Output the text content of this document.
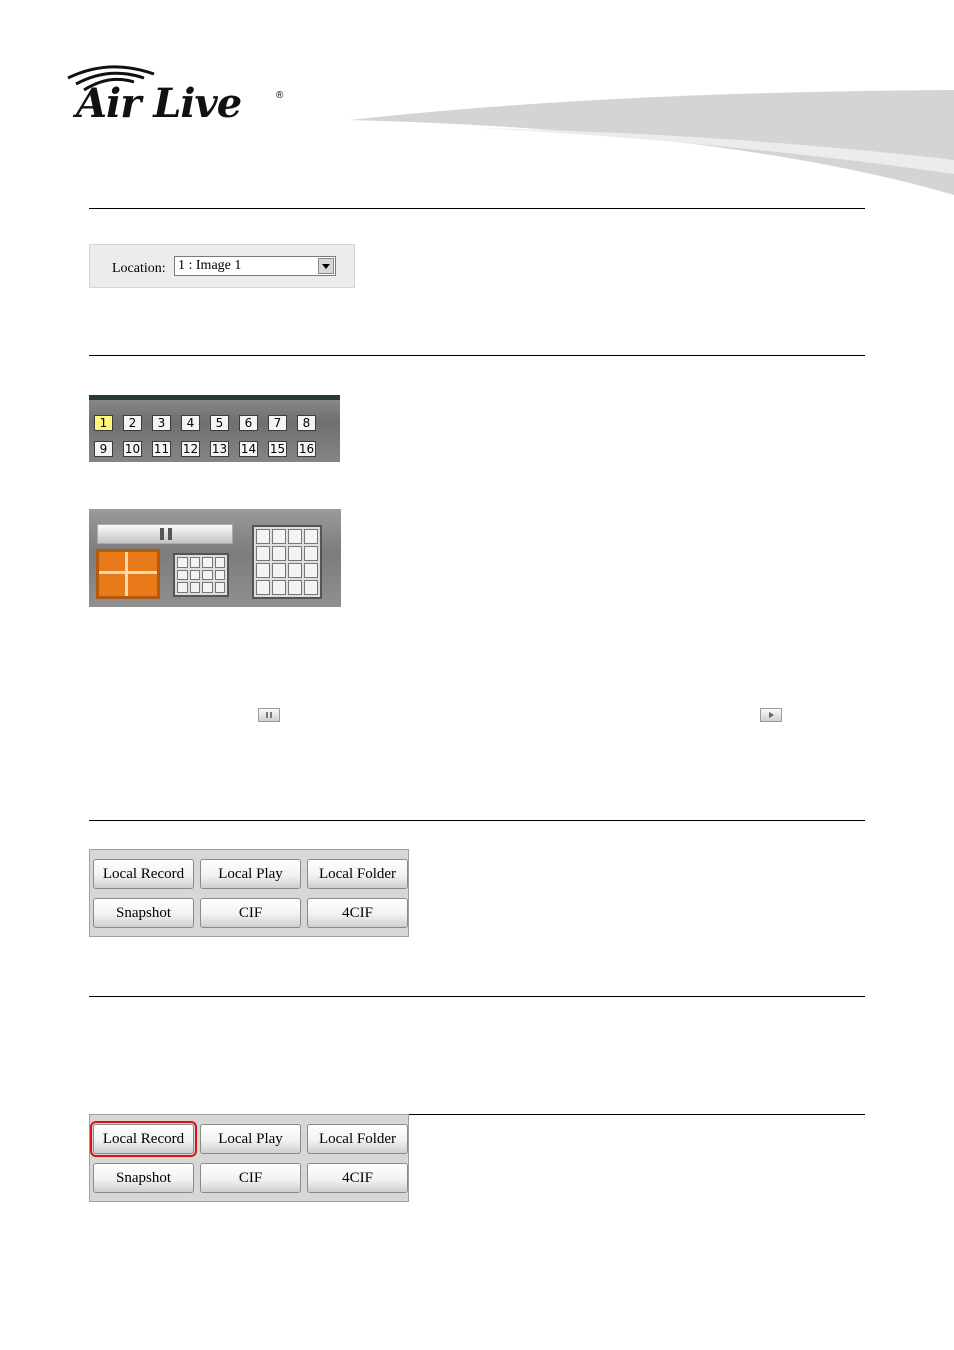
Air Live	®
Location: 1 : Image 1
1	2	3	4	5	6	7	8
9	10 11 12 13 14 15 16
Local Record	Local Play	Local Folder
Snapshot	CIF	4CIF
Local Record	Local Play	Local Folder
Snapshot	CIF	4CIF
